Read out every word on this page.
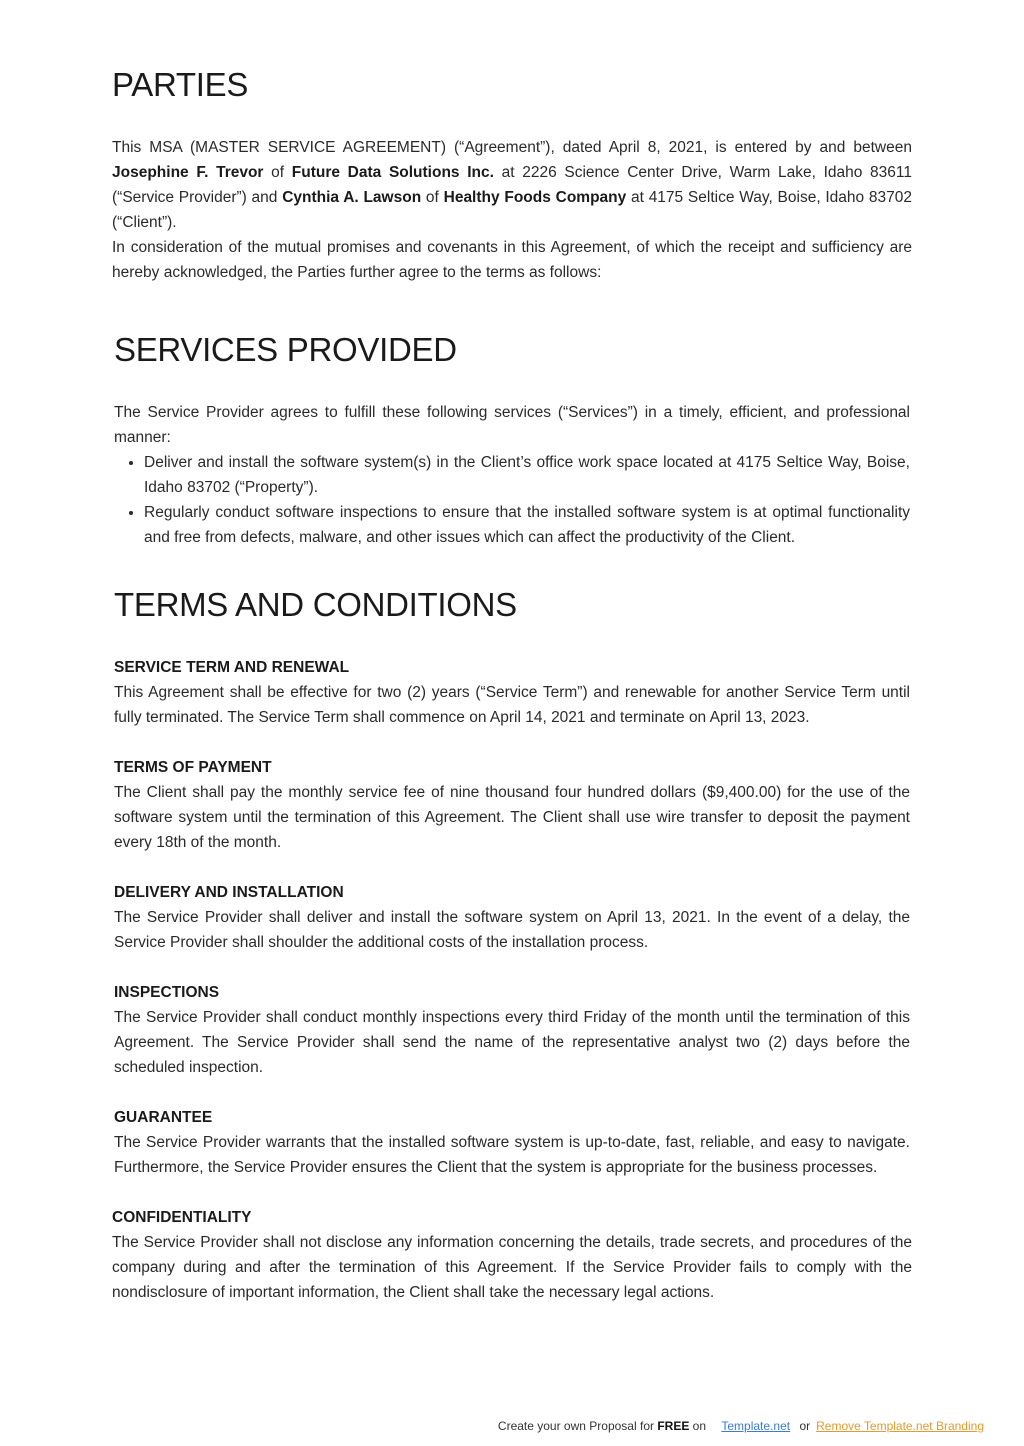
PARTIES

This MSA (MASTER SERVICE AGREEMENT) (“Agreement”), dated April 8, 2021, is entered by and between Josephine F. Trevor of Future Data Solutions Inc. at 2226 Science Center Drive, Warm Lake, Idaho 83611 (“Service Provider”) and Cynthia A. Lawson of Healthy Foods Company at 4175 Seltice Way, Boise, Idaho 83702 (“Client”).

In consideration of the mutual promises and covenants in this Agreement, of which the receipt and sufficiency are hereby acknowledged, the Parties further agree to the terms as follows:

SERVICES PROVIDED

The Service Provider agrees to fulfill these following services (“Services”) in a timely, efficient, and professional manner:

• Deliver and install the software system(s) in the Client’s office work space located at 4175 Seltice Way, Boise, Idaho 83702 (“Property”).
• Regularly conduct software inspections to ensure that the installed software system is at optimal functionality and free from defects, malware, and other issues which can affect the productivity of the Client.
TERMS AND CONDITIONS
SERVICE TERM AND RENEWAL

This Agreement shall be effective for two (2) years (“Service Term”) and renewable for another Service Term until fully terminated. The Service Term shall commence on April 14, 2021 and terminate on April 13, 2023.

TERMS OF PAYMENT

The Client shall pay the monthly service fee of nine thousand four hundred dollars ($9,400.00) for the use of the software system until the termination of this Agreement. The Client shall use wire transfer to deposit the payment every 18th of the month.

DELIVERY AND INSTALLATION

The Service Provider shall deliver and install the software system on April 13, 2021. In the event of a delay, the Service Provider shall shoulder the additional costs of the installation process.

INSPECTIONS

The Service Provider shall conduct monthly inspections every third Friday of the month until the termination of this Agreement. The Service Provider shall send the name of the representative analyst two (2) days before the scheduled inspection.

GUARANTEE

The Service Provider warrants that the installed software system is up-to-date, fast, reliable, and easy to navigate. Furthermore, the Service Provider ensures the Client that the system is appropriate for the business processes.

CONFIDENTIALITY

The Service Provider shall not disclose any information concerning the details, trade secrets, and procedures of the company during and after the termination of this Agreement. If the Service Provider fails to comply with the nondisclosure of important information, the Client shall take the necessary legal actions.

Create your own Proposal for FREE on Template.net or Remove Template.net Branding
